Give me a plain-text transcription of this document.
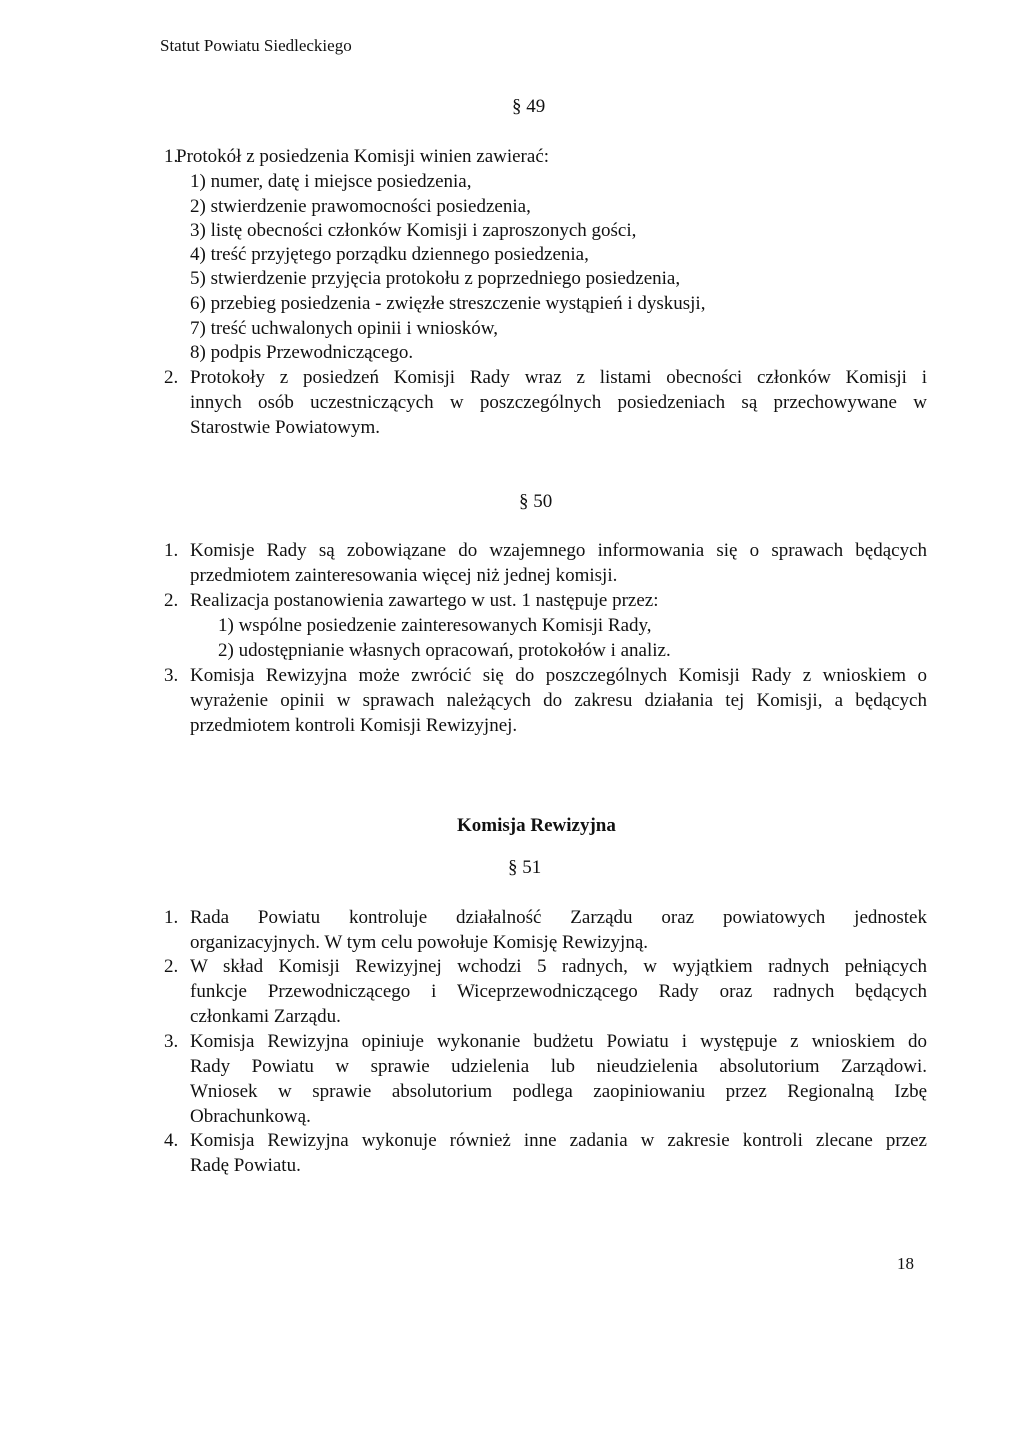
Statut Powiatu Siedleckiego
§ 49
1.
Protokół z posiedzenia Komisji winien zawierać:
1) numer, datę i miejsce posiedzenia,
2) stwierdzenie prawomocności posiedzenia,
3) listę obecności członków Komisji i zaproszonych gości,
4) treść przyjętego porządku dziennego posiedzenia,
5) stwierdzenie przyjęcia protokołu z poprzedniego posiedzenia,
6) przebieg posiedzenia - zwięzłe streszczenie wystąpień i dyskusji,
7) treść uchwalonych opinii i wniosków,
8) podpis Przewodniczącego.
2. Protokoły z posiedzeń Komisji Rady wraz z listami obecności członków Komisji i
innych osób uczestniczących w poszczególnych posiedzeniach są przechowywane w
Starostwie Powiatowym.
§ 50
1. Komisje Rady są zobowiązane do wzajemnego informowania się o sprawach będących
przedmiotem zainteresowania więcej niż jednej komisji.
2. Realizacja postanowienia zawartego w ust. 1 następuje przez:
1) wspólne posiedzenie zainteresowanych Komisji Rady,
2) udostępnianie własnych opracowań, protokołów i analiz.
3. Komisja Rewizyjna może zwrócić się do poszczególnych Komisji Rady z wnioskiem o
wyrażenie opinii w sprawach należących do zakresu działania tej Komisji, a będących
przedmiotem kontroli Komisji Rewizyjnej.
Komisja Rewizyjna
§ 51
1. Rada Powiatu kontroluje działalność Zarządu oraz powiatowych jednostek
organizacyjnych. W tym celu powołuje Komisję Rewizyjną.
2. W skład Komisji Rewizyjnej wchodzi 5 radnych, w wyjątkiem radnych pełniących
funkcje Przewodniczącego i Wiceprzewodniczącego Rady oraz radnych będących
członkami Zarządu.
3. Komisja Rewizyjna opiniuje wykonanie budżetu Powiatu i występuje z wnioskiem do
Rady Powiatu w sprawie udzielenia lub nieudzielenia absolutorium Zarządowi.
Wniosek w sprawie absolutorium podlega zaopiniowaniu przez Regionalną Izbę
Obrachunkową.
4. Komisja Rewizyjna wykonuje również inne zadania w zakresie kontroli zlecane przez
Radę Powiatu.
18
